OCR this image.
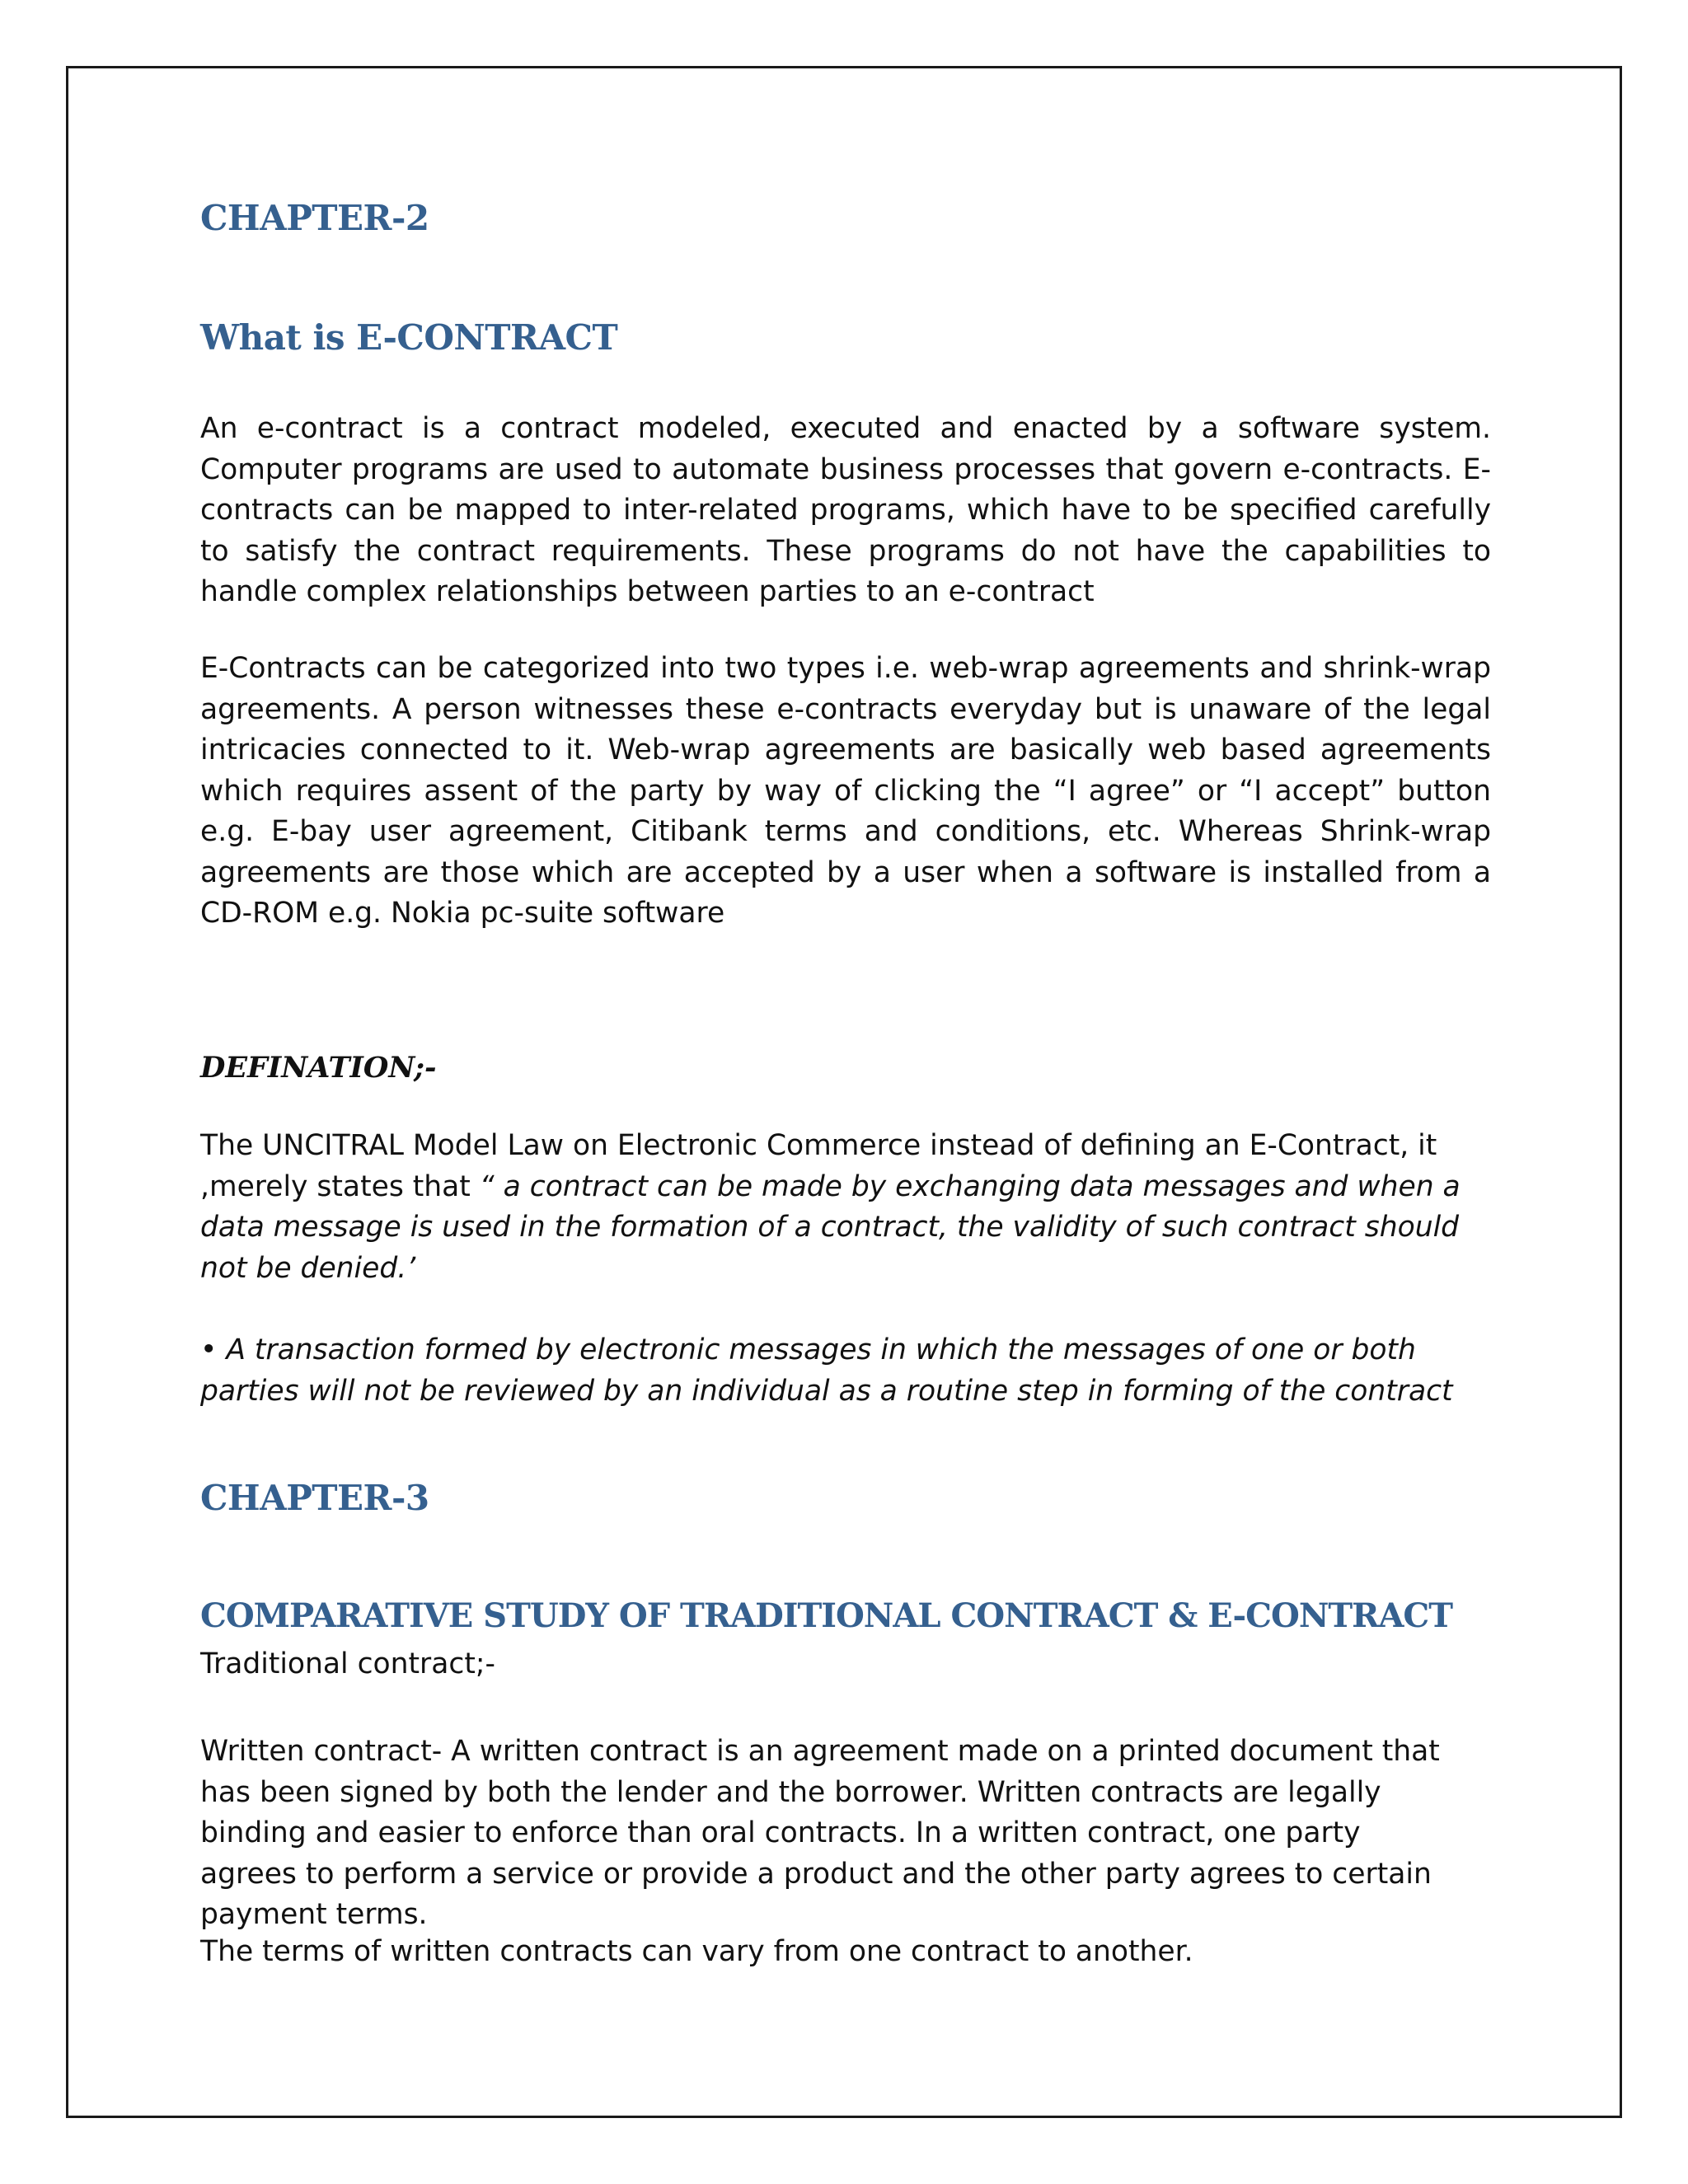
CHAPTER-2
What is E-CONTRACT

An e-contract is a contract modeled, executed and enacted by a software system. Computer programs are used to automate business processes that govern e-contracts. E-contracts can be mapped to inter-related programs, which have to be specified carefully to satisfy the contract requirements. These programs do not have the capabilities to handle complex relationships between parties to an e-contract

E-Contracts can be categorized into two types i.e. web-wrap agreements and shrink-wrap agreements. A person witnesses these e-contracts everyday but is unaware of the legal intricacies connected to it. Web-wrap agreements are basically web based agreements which requires assent of the party by way of clicking the “I agree” or “I accept” button e.g. E-bay user agreement, Citibank terms and conditions, etc. Whereas Shrink-wrap agreements are those which are accepted by a user when a software is installed from a CD-ROM e.g. Nokia pc-suite software

DEFINATION;-

The UNCITRAL Model Law on Electronic Commerce instead of defining an E-Contract, it ,merely states that “ a contract can be made by exchanging data messages and when a data message is used in the formation of a contract, the validity of such contract should not be denied.’

• A transaction formed by electronic messages in which the messages of one or both parties will not be reviewed by an individual as a routine step in forming of the contract

CHAPTER-3
COMPARATIVE STUDY OF TRADITIONAL CONTRACT & E-CONTRACT

Traditional contract;-

Written contract- A written contract is an agreement made on a printed document that has been signed by both the lender and the borrower. Written contracts are legally binding and easier to enforce than oral contracts. In a written contract, one party agrees to perform a service or provide a product and the other party agrees to certain payment terms.

The terms of written contracts can vary from one contract to another.
